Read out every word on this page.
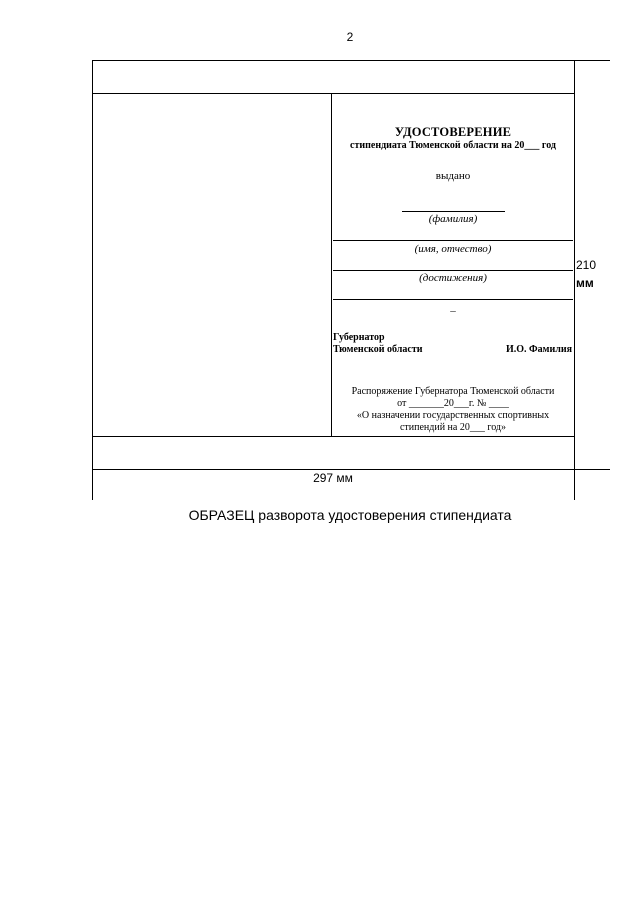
2
УДОСТОВЕРЕНИЕ
стипендиата Тюменской области на 20___ год
выдано
(фамилия)
(имя, отчество)
(достижения)
–
Губернатор
Тюменской области	И.О. Фамилия
Распоряжение Губернатора Тюменской области
от _______20___г. № ____
«О назначении государственных спортивных
стипендий на 20___ год»
210
мм
297 мм
ОБРАЗЕЦ разворота удостоверения стипендиата
